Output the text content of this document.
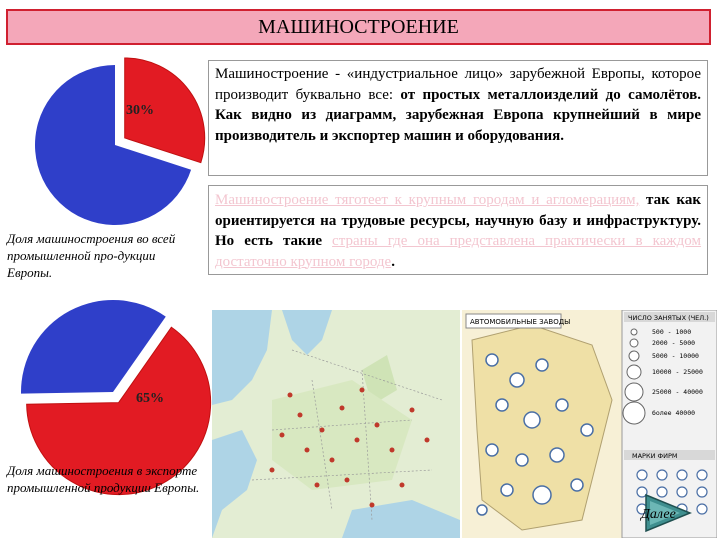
МАШИНОСТРОЕНИЕ
30%
Доля машиностроения во всей промышленной про-дукции Европы.
65%
Доля машиностроения в экспорте промышленной продукции Европы.

Машиностроение - «индустриальное лицо» зарубежной Европы, которое производит буквально все: от простых металлоизделий до самолётов. Как видно из диаграмм, зарубежная Европа крупнейший в мире производитель и экспортер машин и оборудования.

Машиностроение тяготеет к крупным городам и агломерациям, так как ориентируется на трудовые ресурсы, научную базу и инфраструктуру. Но есть такие страны где она представлена практически в каждом достаточно крупном городе.

АВТОМОБИЛЬНЫЕ ЗАВОДЫ	ЧИСЛО ЗАНЯТЫХ (ЧЕЛ.)
500 - 1000
2000 - 5000
5000 - 10000
10000 - 25000
25000 - 40000
более 40000
МАРКИ ФИРМ
Далее
